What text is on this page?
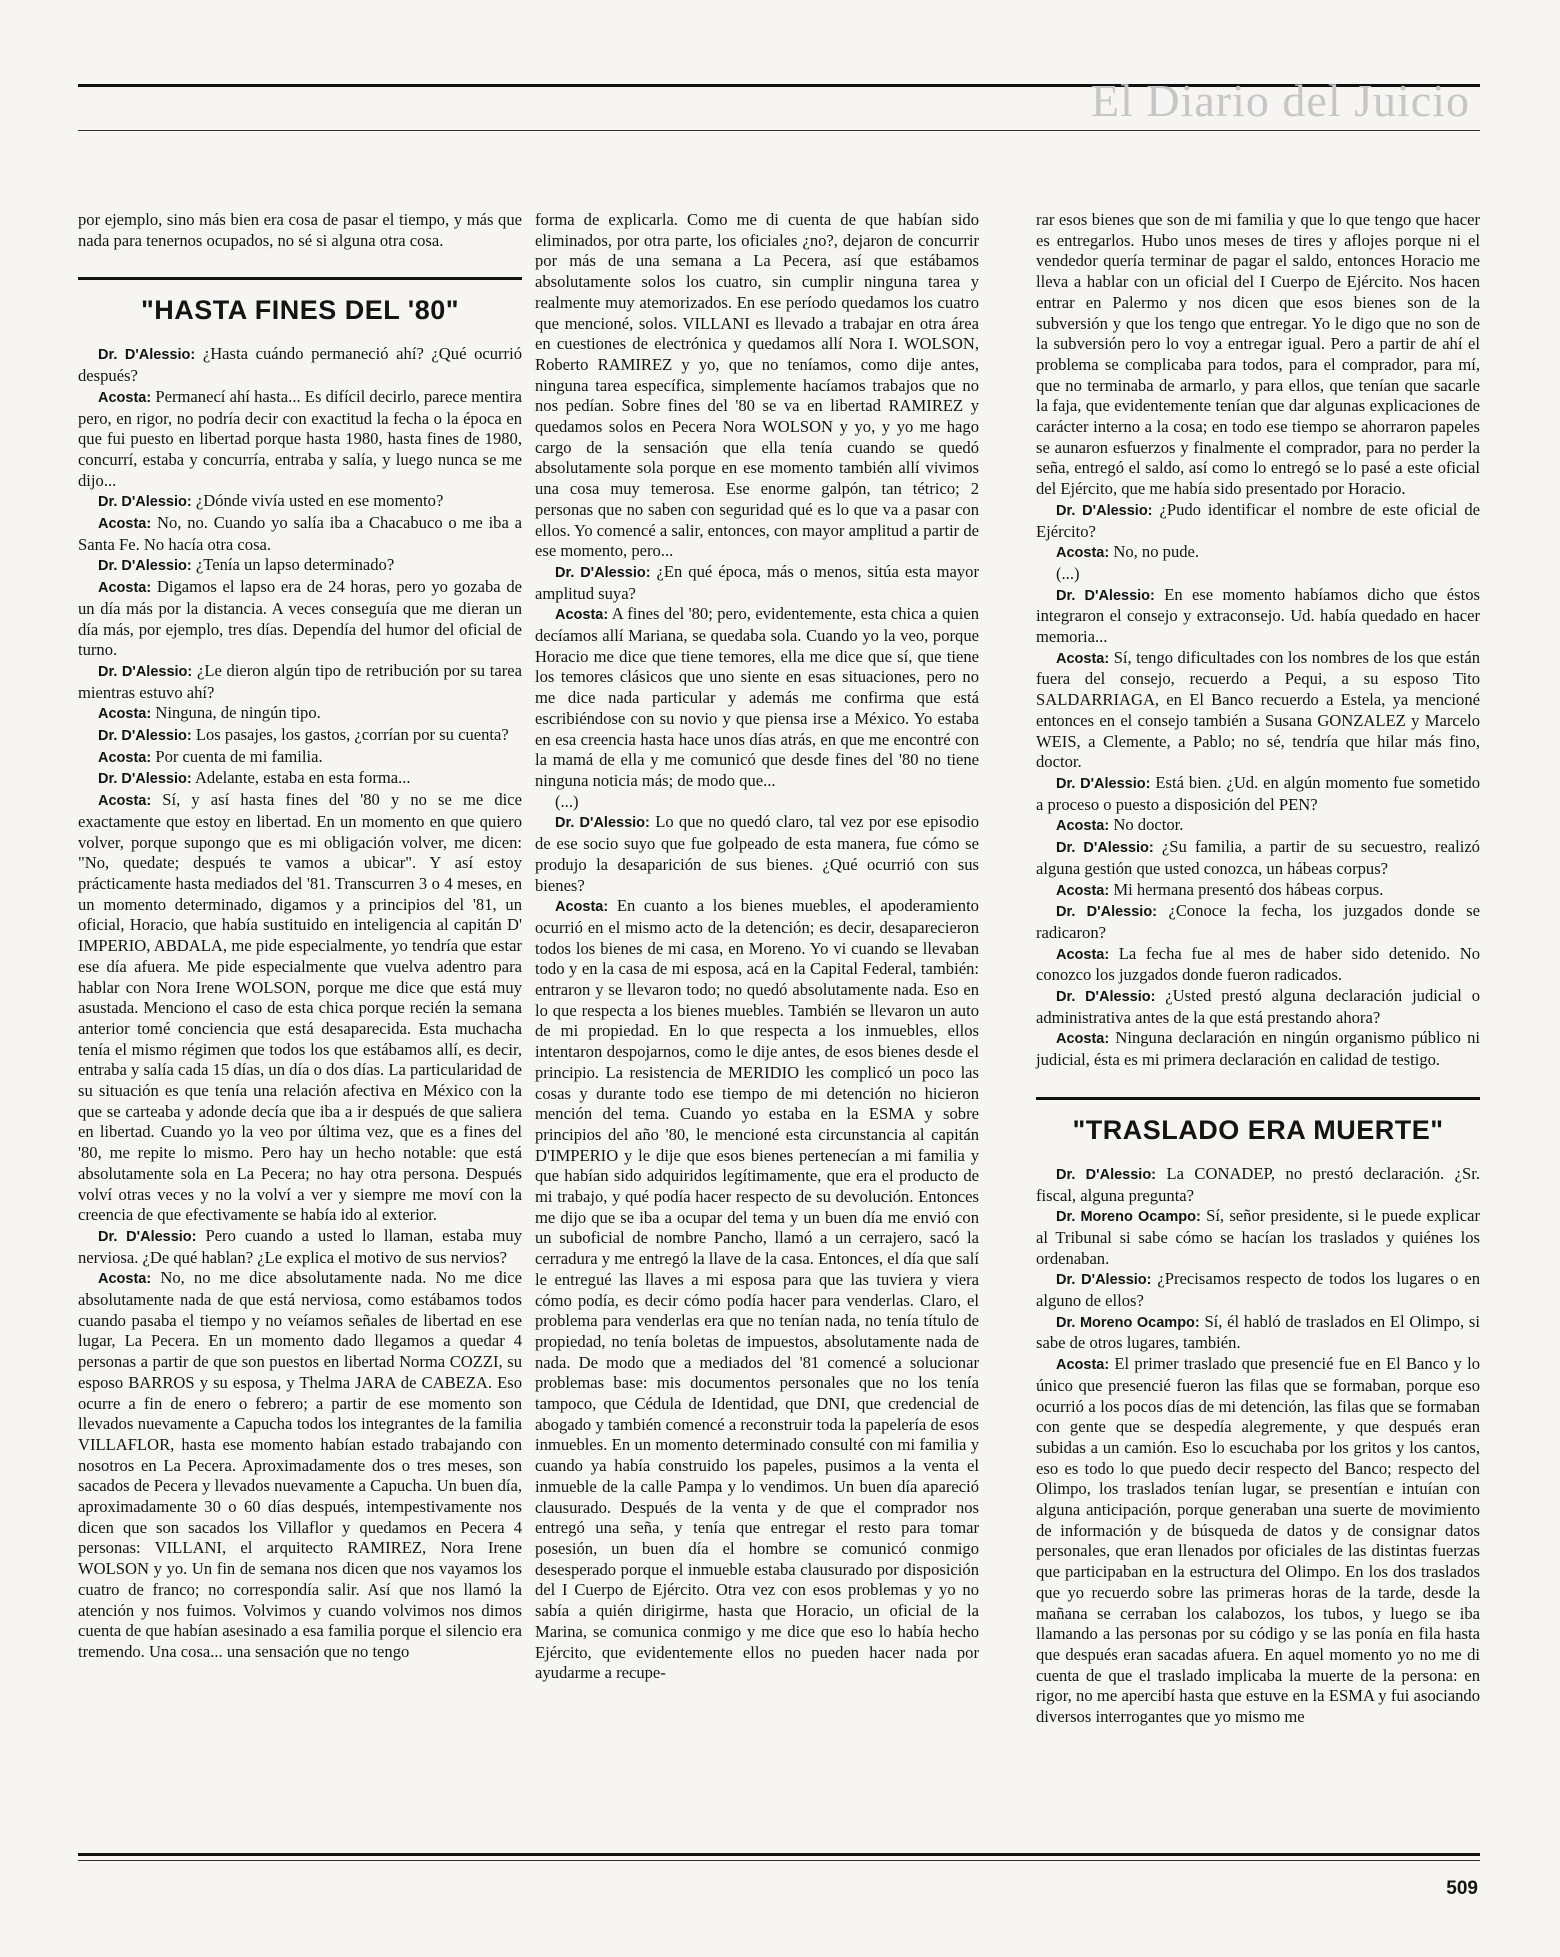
El Diario del Juicio

por ejemplo, sino más bien era cosa de pasar el tiempo, y más que nada para tenernos ocupados, no sé si alguna otra cosa.

"HASTA FINES DEL '80"

Dr. D'Alessio: ¿Hasta cuándo permaneció ahí? ¿Qué ocurrió después?

Acosta: Permanecí ahí hasta... Es difícil decirlo, parece mentira pero, en rigor, no podría decir con exactitud la fecha o la época en que fui puesto en libertad porque hasta 1980, hasta fines de 1980, concurrí, estaba y concurría, entraba y salía, y luego nunca se me dijo...

Dr. D'Alessio: ¿Dónde vivía usted en ese momento?

Acosta: No, no. Cuando yo salía iba a Chacabuco o me iba a Santa Fe. No hacía otra cosa.

Dr. D'Alessio: ¿Tenía un lapso determinado?

Acosta: Digamos el lapso era de 24 horas, pero yo gozaba de un día más por la distancia. A veces conseguía que me dieran un día más, por ejemplo, tres días. Dependía del humor del oficial de turno.

Dr. D'Alessio: ¿Le dieron algún tipo de retribución por su tarea mientras estuvo ahí?

Acosta: Ninguna, de ningún tipo.

Dr. D'Alessio: Los pasajes, los gastos, ¿corrían por su cuenta?

Acosta: Por cuenta de mi familia.

Dr. D'Alessio: Adelante, estaba en esta forma...

Acosta: Sí, y así hasta fines del '80 y no se me dice exactamente que estoy en libertad. En un momento en que quiero volver, porque supongo que es mi obligación volver, me dicen: "No, quedate; después te vamos a ubicar". Y así estoy prácticamente hasta mediados del '81. Transcurren 3 o 4 meses, en un momento determinado, digamos y a principios del '81, un oficial, Horacio, que había sustituido en inteligencia al capitán D' IMPERIO, ABDALA, me pide especialmente, yo tendría que estar ese día afuera. Me pide especialmente que vuelva adentro para hablar con Nora Irene WOLSON, porque me dice que está muy asustada. Menciono el caso de esta chica porque recién la semana anterior tomé conciencia que está desaparecida. Esta muchacha tenía el mismo régimen que todos los que estábamos allí, es decir, entraba y salía cada 15 días, un día o dos días. La particularidad de su situación es que tenía una relación afectiva en México con la que se carteaba y adonde decía que iba a ir después de que saliera en libertad. Cuando yo la veo por última vez, que es a fines del '80, me repite lo mismo. Pero hay un hecho notable: que está absolutamente sola en La Pecera; no hay otra persona. Después volví otras veces y no la volví a ver y siempre me moví con la creencia de que efectivamente se había ido al exterior.

Dr. D'Alessio: Pero cuando a usted lo llaman, estaba muy nerviosa. ¿De qué hablan? ¿Le explica el motivo de sus nervios?

Acosta: No, no me dice absolutamente nada. No me dice absolutamente nada de que está nerviosa, como estábamos todos cuando pasaba el tiempo y no veíamos señales de libertad en ese lugar, La Pecera. En un momento dado llegamos a quedar 4 personas a partir de que son puestos en libertad Norma COZZI, su esposo BARROS y su esposa, y Thelma JARA de CABEZA. Eso ocurre a fin de enero o febrero; a partir de ese momento son llevados nuevamente a Capucha todos los integrantes de la familia VILLAFLOR, hasta ese momento habían estado trabajando con nosotros en La Pecera. Aproximadamente dos o tres meses, son sacados de Pecera y llevados nuevamente a Capucha. Un buen día, aproximadamente 30 o 60 días después, intempestivamente nos dicen que son sacados los Villaflor y quedamos en Pecera 4 personas: VILLANI, el arquitecto RAMIREZ, Nora Irene WOLSON y yo. Un fin de semana nos dicen que nos vayamos los cuatro de franco; no correspondía salir. Así que nos llamó la atención y nos fuimos. Volvimos y cuando volvimos nos dimos cuenta de que habían asesinado a esa familia porque el silencio era tremendo. Una cosa... una sensación que no tengo

forma de explicarla. Como me di cuenta de que habían sido eliminados, por otra parte, los oficiales ¿no?, dejaron de concurrir por más de una semana a La Pecera, así que estábamos absolutamente solos los cuatro, sin cumplir ninguna tarea y realmente muy atemorizados. En ese período quedamos los cuatro que mencioné, solos. VILLANI es llevado a trabajar en otra área en cuestiones de electrónica y quedamos allí Nora I. WOLSON, Roberto RAMIREZ y yo, que no teníamos, como dije antes, ninguna tarea específica, simplemente hacíamos trabajos que no nos pedían. Sobre fines del '80 se va en libertad RAMIREZ y quedamos solos en Pecera Nora WOLSON y yo, y yo me hago cargo de la sensación que ella tenía cuando se quedó absolutamente sola porque en ese momento también allí vivimos una cosa muy temerosa. Ese enorme galpón, tan tétrico; 2 personas que no saben con seguridad qué es lo que va a pasar con ellos. Yo comencé a salir, entonces, con mayor amplitud a partir de ese momento, pero...

Dr. D'Alessio: ¿En qué época, más o menos, sitúa esta mayor amplitud suya?

Acosta: A fines del '80; pero, evidentemente, esta chica a quien decíamos allí Mariana, se quedaba sola. Cuando yo la veo, porque Horacio me dice que tiene temores, ella me dice que sí, que tiene los temores clásicos que uno siente en esas situaciones, pero no me dice nada particular y además me confirma que está escribiéndose con su novio y que piensa irse a México. Yo estaba en esa creencia hasta hace unos días atrás, en que me encontré con la mamá de ella y me comunicó que desde fines del '80 no tiene ninguna noticia más; de modo que...

(...)

Dr. D'Alessio: Lo que no quedó claro, tal vez por ese episodio de ese socio suyo que fue golpeado de esta manera, fue cómo se produjo la desaparición de sus bienes. ¿Qué ocurrió con sus bienes?

Acosta: En cuanto a los bienes muebles, el apoderamiento ocurrió en el mismo acto de la detención; es decir, desaparecieron todos los bienes de mi casa, en Moreno. Yo vi cuando se llevaban todo y en la casa de mi esposa, acá en la Capital Federal, también: entraron y se llevaron todo; no quedó absolutamente nada. Eso en lo que respecta a los bienes muebles. También se llevaron un auto de mi propiedad. En lo que respecta a los inmuebles, ellos intentaron despojarnos, como le dije antes, de esos bienes desde el principio. La resistencia de MERIDIO les complicó un poco las cosas y durante todo ese tiempo de mi detención no hicieron mención del tema. Cuando yo estaba en la ESMA y sobre principios del año '80, le mencioné esta circunstancia al capitán D'IMPERIO y le dije que esos bienes pertenecían a mi familia y que habían sido adquiridos legítimamente, que era el producto de mi trabajo, y qué podía hacer respecto de su devolución. Entonces me dijo que se iba a ocupar del tema y un buen día me envió con un suboficial de nombre Pancho, llamó a un cerrajero, sacó la cerradura y me entregó la llave de la casa. Entonces, el día que salí le entregué las llaves a mi esposa para que las tuviera y viera cómo podía, es decir cómo podía hacer para venderlas. Claro, el problema para venderlas era que no tenían nada, no tenía título de propiedad, no tenía boletas de impuestos, absolutamente nada de nada. De modo que a mediados del '81 comencé a solucionar problemas base: mis documentos personales que no los tenía tampoco, que Cédula de Identidad, que DNI, que credencial de abogado y también comencé a reconstruir toda la papelería de esos inmuebles. En un momento determinado consulté con mi familia y cuando ya había construido los papeles, pusimos a la venta el inmueble de la calle Pampa y lo vendimos. Un buen día apareció clausurado. Después de la venta y de que el comprador nos entregó una seña, y tenía que entregar el resto para tomar posesión, un buen día el hombre se comunicó conmigo desesperado porque el inmueble estaba clausurado por disposición del I Cuerpo de Ejército. Otra vez con esos problemas y yo no sabía a quién dirigirme, hasta que Horacio, un oficial de la Marina, se comunica conmigo y me dice que eso lo había hecho Ejército, que evidentemente ellos no pueden hacer nada por ayudarme a recupe-

rar esos bienes que son de mi familia y que lo que tengo que hacer es entregarlos. Hubo unos meses de tires y aflojes porque ni el vendedor quería terminar de pagar el saldo, entonces Horacio me lleva a hablar con un oficial del I Cuerpo de Ejército. Nos hacen entrar en Palermo y nos dicen que esos bienes son de la subversión y que los tengo que entregar. Yo le digo que no son de la subversión pero lo voy a entregar igual. Pero a partir de ahí el problema se complicaba para todos, para el comprador, para mí, que no terminaba de armarlo, y para ellos, que tenían que sacarle la faja, que evidentemente tenían que dar algunas explicaciones de carácter interno a la cosa; en todo ese tiempo se ahorraron papeles se aunaron esfuerzos y finalmente el comprador, para no perder la seña, entregó el saldo, así como lo entregó se lo pasé a este oficial del Ejército, que me había sido presentado por Horacio.

Dr. D'Alessio: ¿Pudo identificar el nombre de este oficial de Ejército?

Acosta: No, no pude.

(...)

Dr. D'Alessio: En ese momento habíamos dicho que éstos integraron el consejo y extraconsejo. Ud. había quedado en hacer memoria...

Acosta: Sí, tengo dificultades con los nombres de los que están fuera del consejo, recuerdo a Pequi, a su esposo Tito SALDARRIAGA, en El Banco recuerdo a Estela, ya mencioné entonces en el consejo también a Susana GONZALEZ y Marcelo WEIS, a Clemente, a Pablo; no sé, tendría que hilar más fino, doctor.

Dr. D'Alessio: Está bien. ¿Ud. en algún momento fue sometido a proceso o puesto a disposición del PEN?

Acosta: No doctor.

Dr. D'Alessio: ¿Su familia, a partir de su secuestro, realizó alguna gestión que usted conozca, un hábeas corpus?

Acosta: Mi hermana presentó dos hábeas corpus.

Dr. D'Alessio: ¿Conoce la fecha, los juzgados donde se radicaron?

Acosta: La fecha fue al mes de haber sido detenido. No conozco los juzgados donde fueron radicados.

Dr. D'Alessio: ¿Usted prestó alguna declaración judicial o administrativa antes de la que está prestando ahora?

Acosta: Ninguna declaración en ningún organismo público ni judicial, ésta es mi primera declaración en calidad de testigo.

"TRASLADO ERA MUERTE"

Dr. D'Alessio: La CONADEP, no prestó declaración. ¿Sr. fiscal, alguna pregunta?

Dr. Moreno Ocampo: Sí, señor presidente, si le puede explicar al Tribunal si sabe cómo se hacían los traslados y quiénes los ordenaban.

Dr. D'Alessio: ¿Precisamos respecto de todos los lugares o en alguno de ellos?

Dr. Moreno Ocampo: Sí, él habló de traslados en El Olimpo, si sabe de otros lugares, también.

Acosta: El primer traslado que presencié fue en El Banco y lo único que presencié fueron las filas que se formaban, porque eso ocurrió a los pocos días de mi detención, las filas que se formaban con gente que se despedía alegremente, y que después eran subidas a un camión. Eso lo escuchaba por los gritos y los cantos, eso es todo lo que puedo decir respecto del Banco; respecto del Olimpo, los traslados tenían lugar, se presentían e intuían con alguna anticipación, porque generaban una suerte de movimiento de información y de búsqueda de datos y de consignar datos personales, que eran llenados por oficiales de las distintas fuerzas que participaban en la estructura del Olimpo. En los dos traslados que yo recuerdo sobre las primeras horas de la tarde, desde la mañana se cerraban los calabozos, los tubos, y luego se iba llamando a las personas por su código y se las ponía en fila hasta que después eran sacadas afuera. En aquel momento yo no me di cuenta de que el traslado implicaba la muerte de la persona: en rigor, no me apercibí hasta que estuve en la ESMA y fui asociando diversos interrogantes que yo mismo me

509
